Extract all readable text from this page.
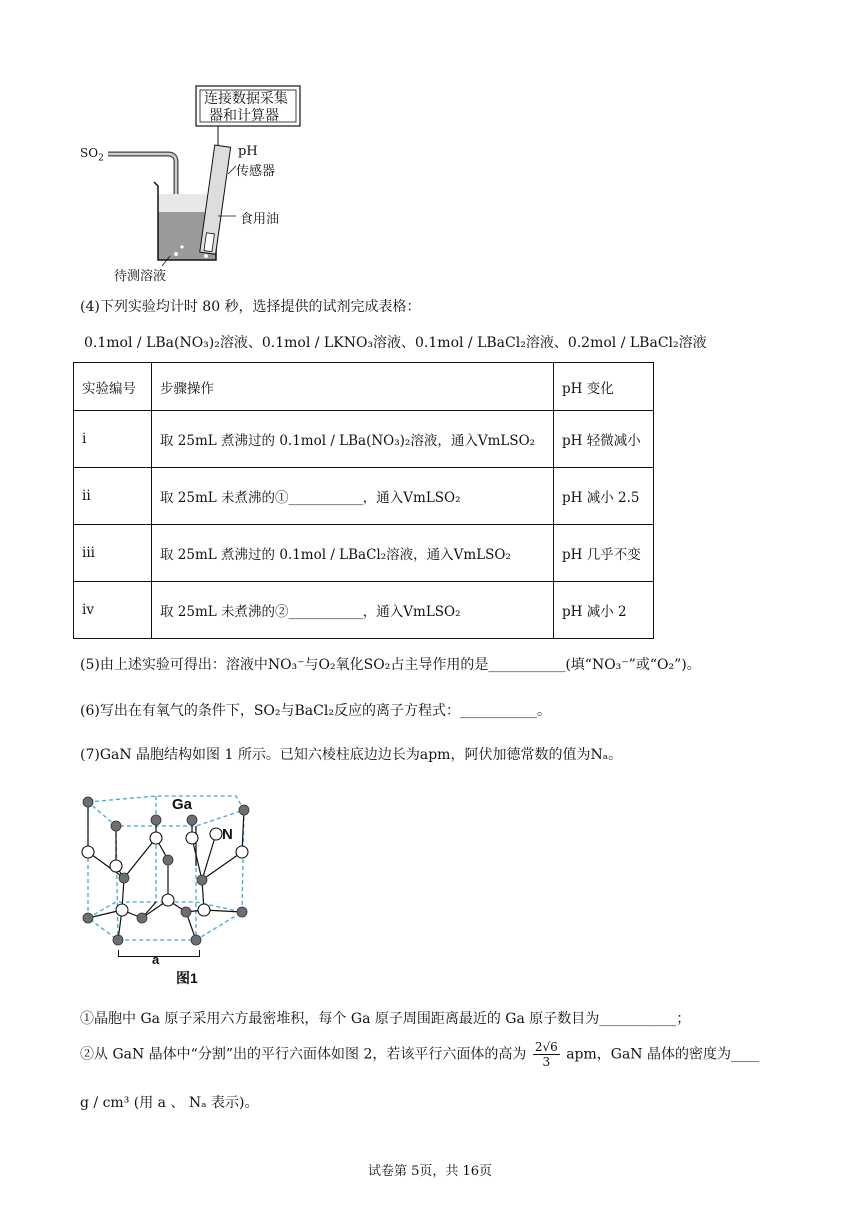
连接数据采集
器和计算器
$SO_2$	pH
传感器
食用油
待测溶液
(4)下列实验均计时 80 秒，选择提供的试剂完成表格：
0.1mol / LBa(NO₃)₂溶液、0.1mol / LKNO₃溶液、0.1mol / LBaCl₂溶液、0.2mol / LBaCl₂溶液
实验编号	步骤操作	pH 变化
i	取 25mL 煮沸过的 0.1mol / LBa(NO₃)₂溶液，通入VmLSO₂	pH 轻微减小
ii	取 25mL 未煮沸的①___________，通入VmLSO₂	pH 减小 2.5
iii	取 25mL 煮沸过的 0.1mol / LBaCl₂溶液，通入VmLSO₂	pH 几乎不变
iv	取 25mL 未煮沸的②___________，通入VmLSO₂	pH 减小 2
(5)由上述实验可得出：溶液中NO₃⁻与O₂氧化SO₂占主导作用的是___________(填“NO₃⁻”或“O₂”)。
(6)写出在有氧气的条件下，SO₂与BaCl₂反应的离子方程式：___________。
(7)GaN 晶胞结构如图 1 所示。已知六棱柱底边边长为apm，阿伏加德常数的值为Nₐ。
Ga
N
a
图1
①晶胞中 Ga 原子采用六方最密堆积，每个 Ga 原子周围距离最近的 Ga 原子数目为___________；
②从 GaN 晶体中“分割”出的平行六面体如图 2，若该平行六面体的高为 $\frac{2√6}{3}$ apm，GaN 晶体的密度为____
g / cm³ (用 a 、 Nₐ 表示)。
试卷第 5页，共 16页
